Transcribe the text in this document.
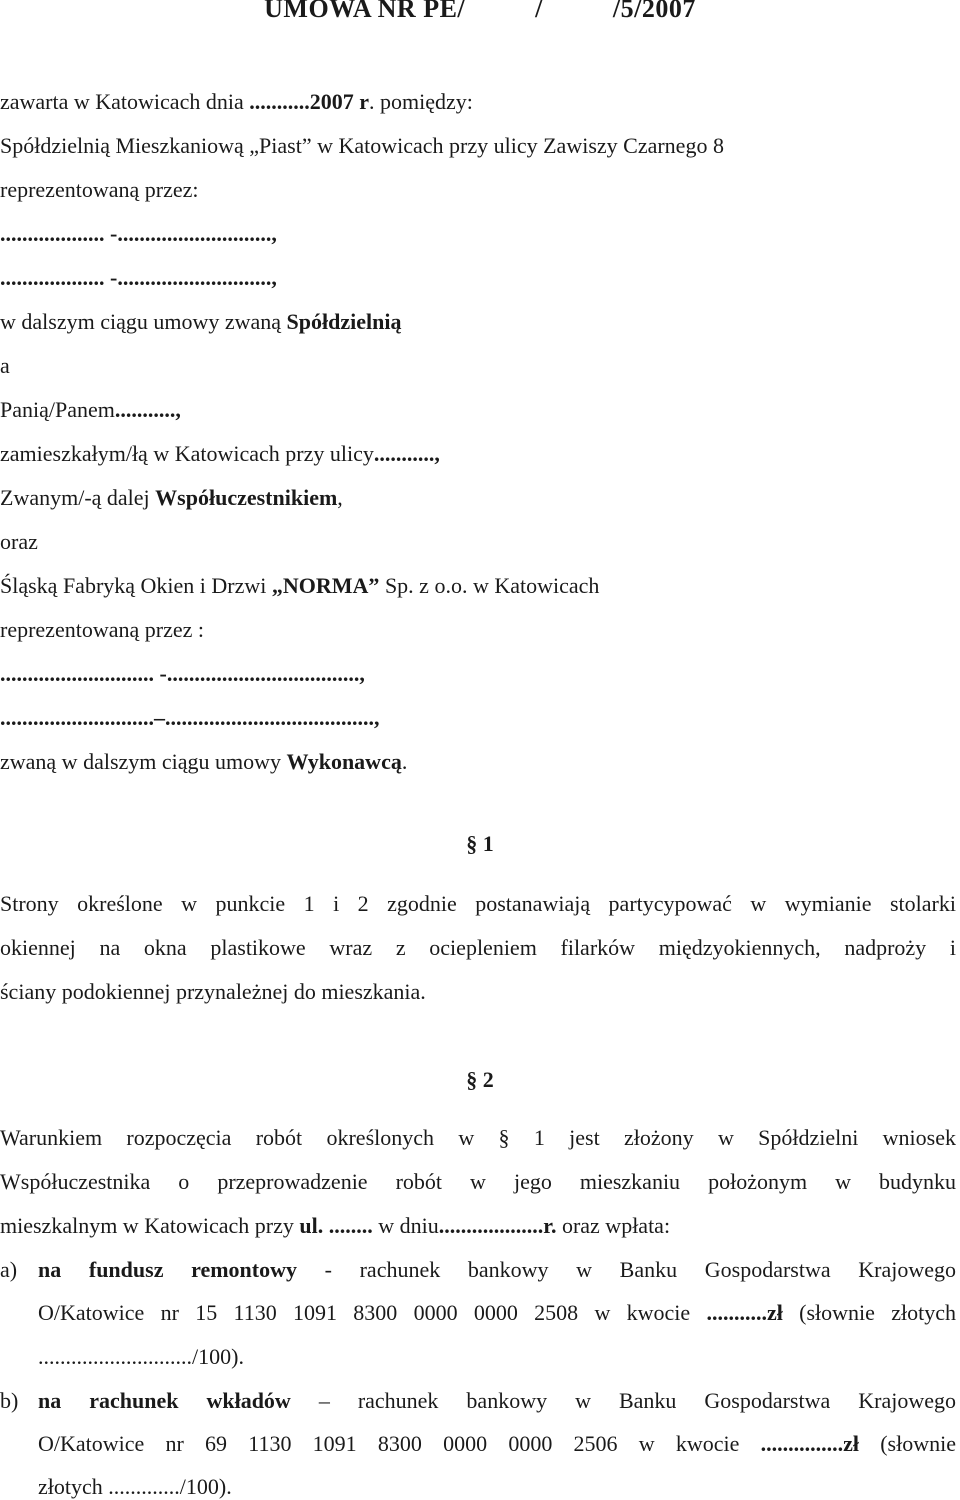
UMOWA NR PE/          /          /5/2007
zawarta w Katowicach dnia ...........2007 r. pomiędzy:
Spółdzielnią Mieszkaniową „Piast” w Katowicach przy ulicy Zawiszy Czarnego 8
reprezentowaną przez:
................... -............................,
................... -............................,
w dalszym ciągu umowy zwaną Spółdzielnią
a
Panią/Panem...........,
zamieszkałym/łą w Katowicach przy ulicy...........,
Zwanym/-ą dalej Współuczestnikiem,
oraz
Śląską Fabryką Okien i Drzwi „NORMA” Sp. z o.o. w Katowicach
reprezentowaną przez :
............................ -...................................,
............................–......................................,
zwaną w dalszym ciągu umowy Wykonawcą.
§ 1
Strony określone w punkcie 1 i 2 zgodnie postanawiają partycypować w wymianie stolarki
okiennej na okna plastikowe wraz z ociepleniem filarków międzyokiennych, nadproży i
ściany podokiennej przynależnej do mieszkania.
§ 2
Warunkiem rozpoczęcia robót określonych w § 1 jest złożony w Spółdzielni wniosek
Współuczestnika o przeprowadzenie robót w jego mieszkaniu położonym w budynku
mieszkalnym w Katowicach przy ul. ........ w dniu...................r. oraz wpłata:
a) na fundusz remontowy - rachunek bankowy w Banku Gospodarstwa Krajowego
O/Katowice nr 15 1130 1091 8300 0000 0000 2508 w kwocie ...........zł (słownie złotych
............................/100).
b) na rachunek wkładów – rachunek bankowy w Banku Gospodarstwa Krajowego
O/Katowice nr 69 1130 1091 8300 0000 0000 2506 w kwocie ...............zł (słownie
złotych ............./100).
